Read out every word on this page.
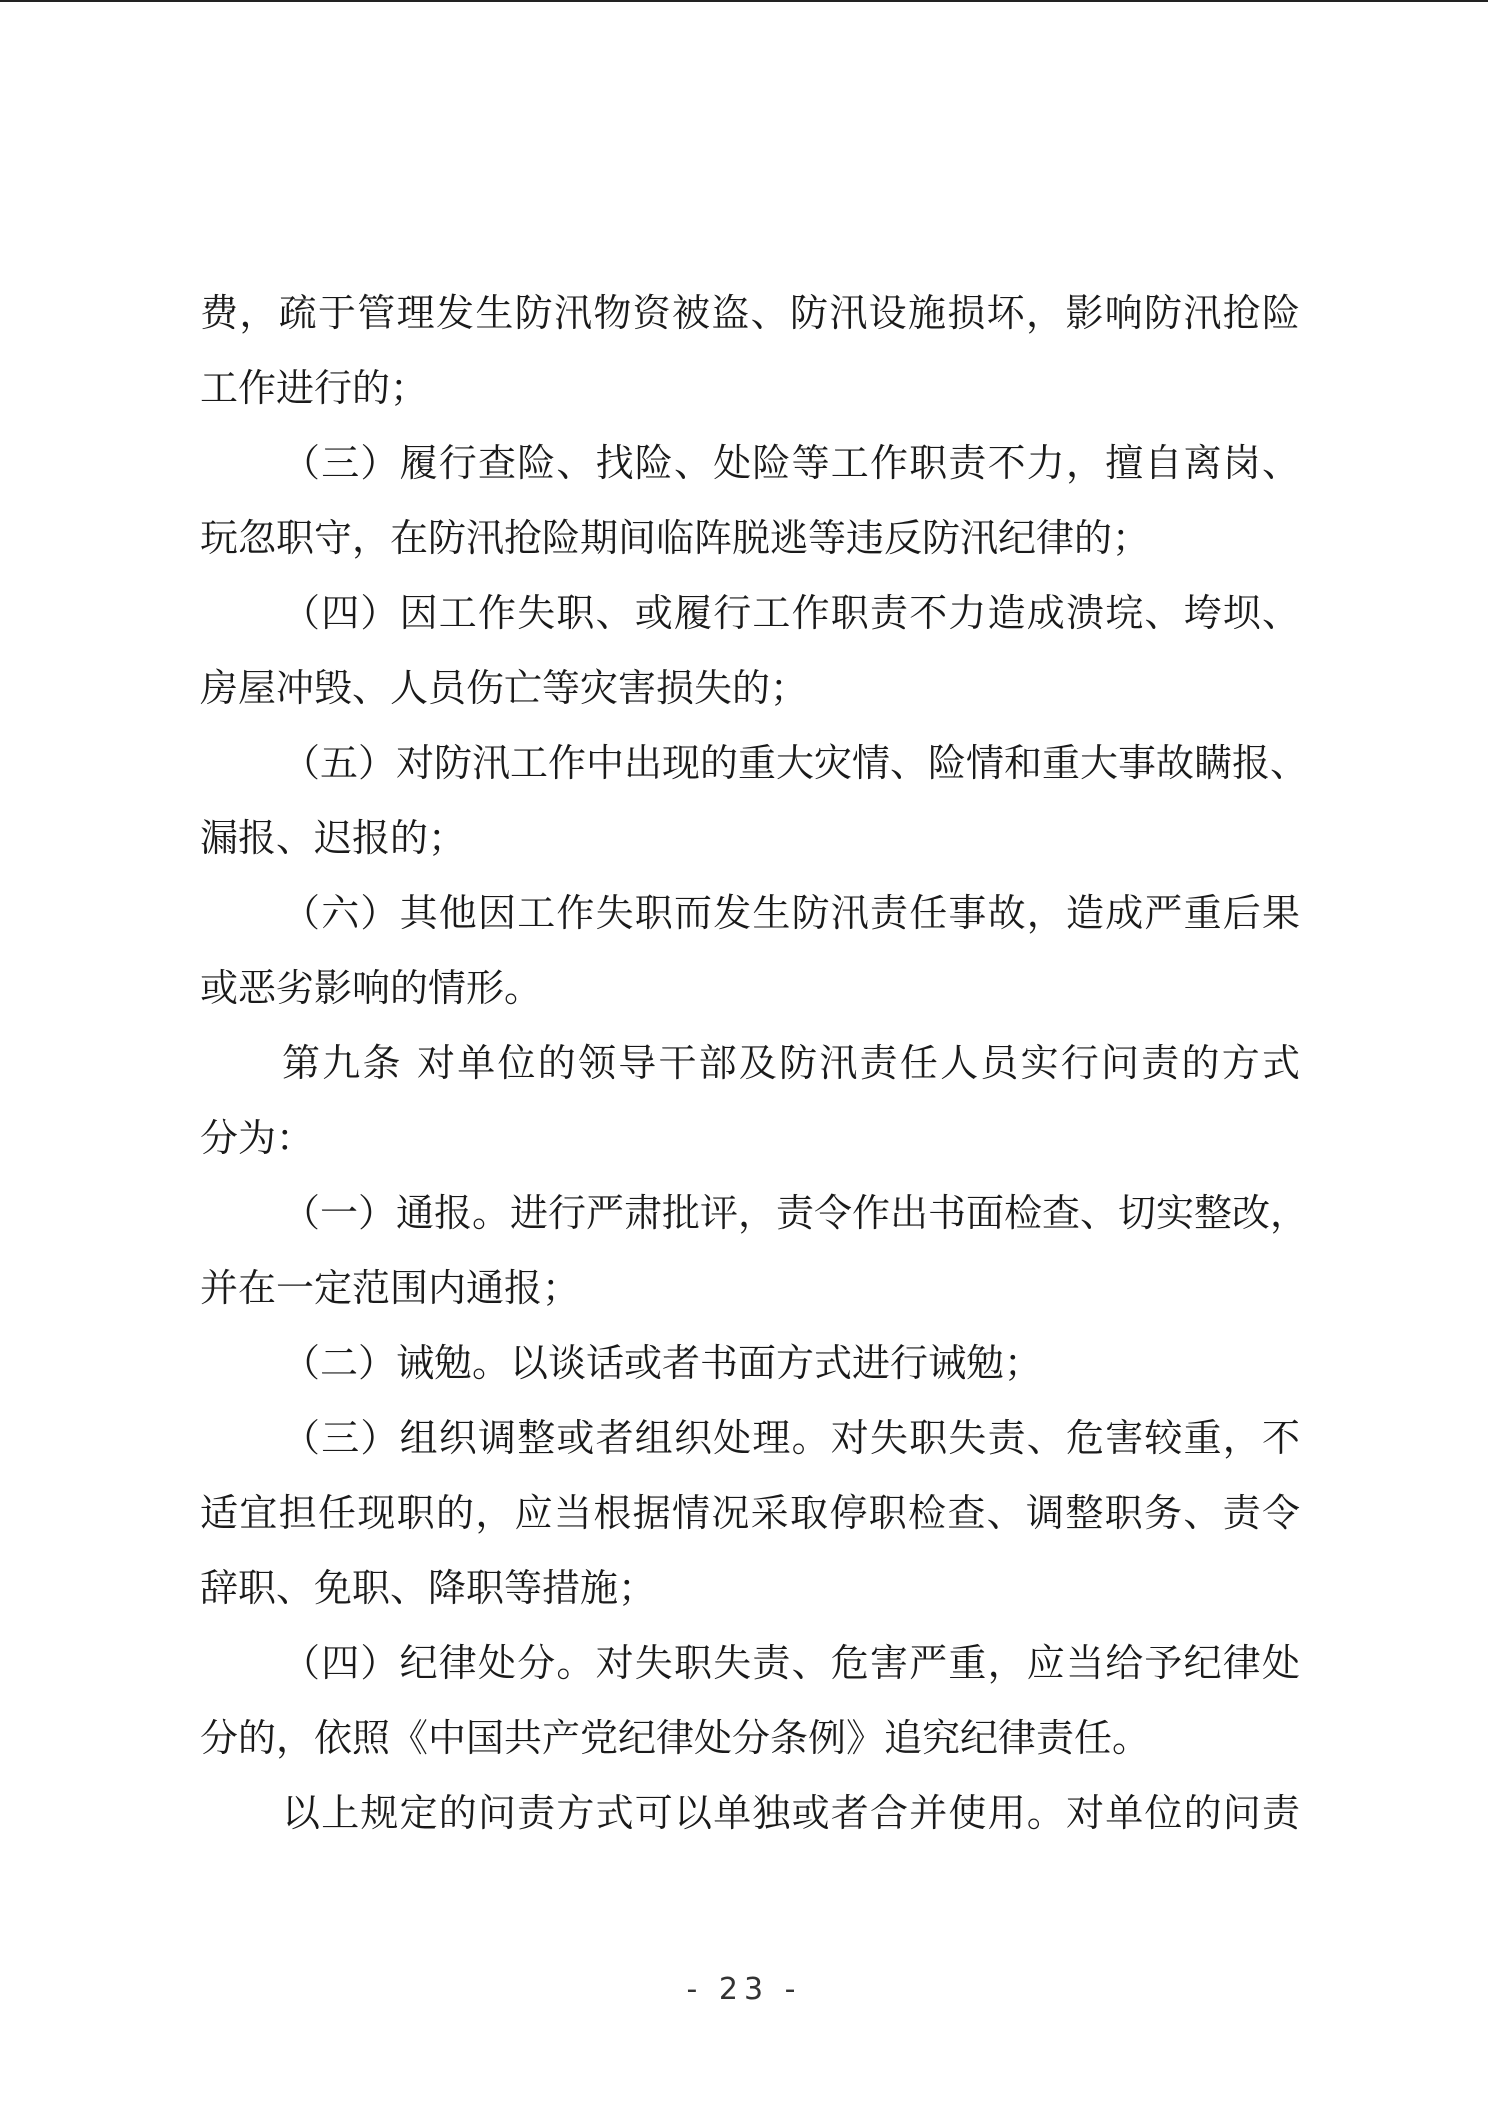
费，疏于管理发生防汛物资被盗、防汛设施损坏，影响防汛抢险
工作进行的；
（三）履行查险、找险、处险等工作职责不力，擅自离岗、
玩忽职守，在防汛抢险期间临阵脱逃等违反防汛纪律的；
（四）因工作失职、或履行工作职责不力造成溃垸、垮坝、
房屋冲毁、人员伤亡等灾害损失的；
（五）对防汛工作中出现的重大灾情、险情和重大事故瞒报、
漏报、迟报的；
（六）其他因工作失职而发生防汛责任事故，造成严重后果
或恶劣影响的情形。
第九条 对单位的领导干部及防汛责任人员实行问责的方式
分为：
（一）通报。进行严肃批评，责令作出书面检查、切实整改，
并在一定范围内通报；
（二）诫勉。以谈话或者书面方式进行诫勉；
（三）组织调整或者组织处理。对失职失责、危害较重，不
适宜担任现职的，应当根据情况采取停职检查、调整职务、责令
辞职、免职、降职等措施；
（四）纪律处分。对失职失责、危害严重，应当给予纪律处
分的，依照《中国共产党纪律处分条例》追究纪律责任。
以上规定的问责方式可以单独或者合并使用。对单位的问责
- 23 -
